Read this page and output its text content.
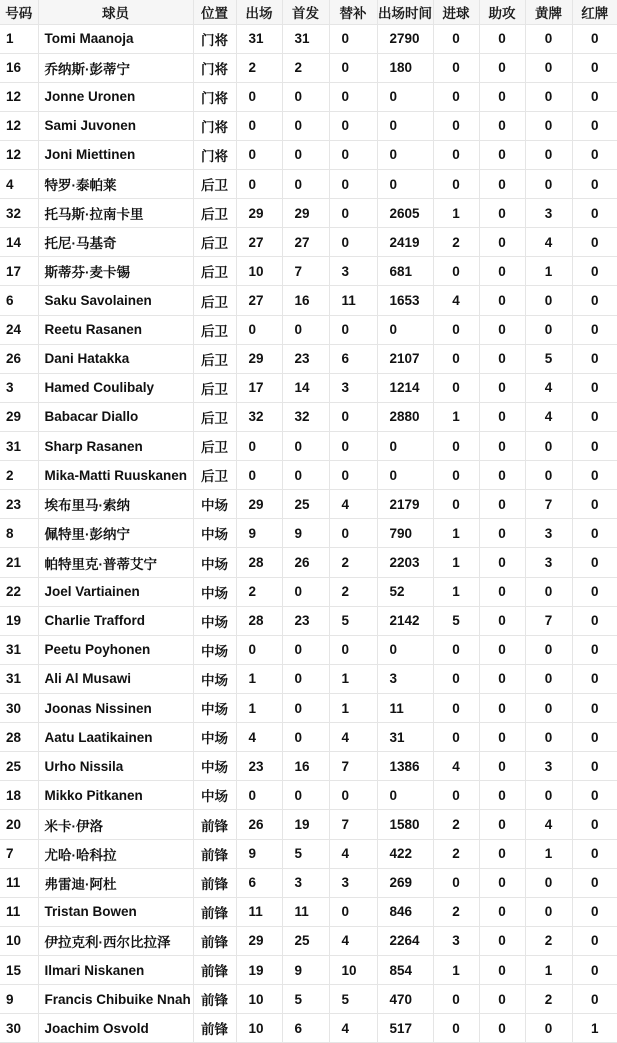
号码	球员	位置	出场	首发	替补	出场时间	进球	助攻	黄牌	红牌
1	Tomi Maanoja	门将	31	31	0	2790	0	0	0	0
16	乔纳斯·彭蒂宁	门将	2	2	0	180	0	0	0	0
12	Jonne Uronen	门将	0	0	0	0	0	0	0	0
12	Sami Juvonen	门将	0	0	0	0	0	0	0	0
12	Joni Miettinen	门将	0	0	0	0	0	0	0	0
4	特罗·泰帕莱	后卫	0	0	0	0	0	0	0	0
32	托马斯·拉南卡里	后卫	29	29	0	2605	1	0	3	0
14	托尼·马基奇	后卫	27	27	0	2419	2	0	4	0
17	斯蒂芬·麦卡锡	后卫	10	7	3	681	0	0	1	0
6	Saku Savolainen	后卫	27	16	11	1653	4	0	0	0
24	Reetu Rasanen	后卫	0	0	0	0	0	0	0	0
26	Dani Hatakka	后卫	29	23	6	2107	0	0	5	0
3	Hamed Coulibaly	后卫	17	14	3	1214	0	0	4	0
29	Babacar Diallo	后卫	32	32	0	2880	1	0	4	0
31	Sharp Rasanen	后卫	0	0	0	0	0	0	0	0
2	Mika-Matti Ruuskanen	后卫	0	0	0	0	0	0	0	0
23	埃布里马·索纳	中场	29	25	4	2179	0	0	7	0
8	佩特里·彭纳宁	中场	9	9	0	790	1	0	3	0
21	帕特里克·普蒂艾宁	中场	28	26	2	2203	1	0	3	0
22	Joel Vartiainen	中场	2	0	2	52	1	0	0	0
19	Charlie Trafford	中场	28	23	5	2142	5	0	7	0
31	Peetu Poyhonen	中场	0	0	0	0	0	0	0	0
31	Ali Al Musawi	中场	1	0	1	3	0	0	0	0
30	Joonas Nissinen	中场	1	0	1	11	0	0	0	0
28	Aatu Laatikainen	中场	4	0	4	31	0	0	0	0
25	Urho Nissila	中场	23	16	7	1386	4	0	3	0
18	Mikko Pitkanen	中场	0	0	0	0	0	0	0	0
20	米卡·伊洛	前锋	26	19	7	1580	2	0	4	0
7	尤哈·哈科拉	前锋	9	5	4	422	2	0	1	0
11	弗雷迪·阿杜	前锋	6	3	3	269	0	0	0	0
11	Tristan Bowen	前锋	11	11	0	846	2	0	0	0
10	伊拉克利·西尔比拉泽	前锋	29	25	4	2264	3	0	2	0
15	Ilmari Niskanen	前锋	19	9	10	854	1	0	1	0
9	Francis Chibuike Nnah	前锋	10	5	5	470	0	0	2	0
30	Joachim Osvold	前锋	10	6	4	517	0	0	0	1
